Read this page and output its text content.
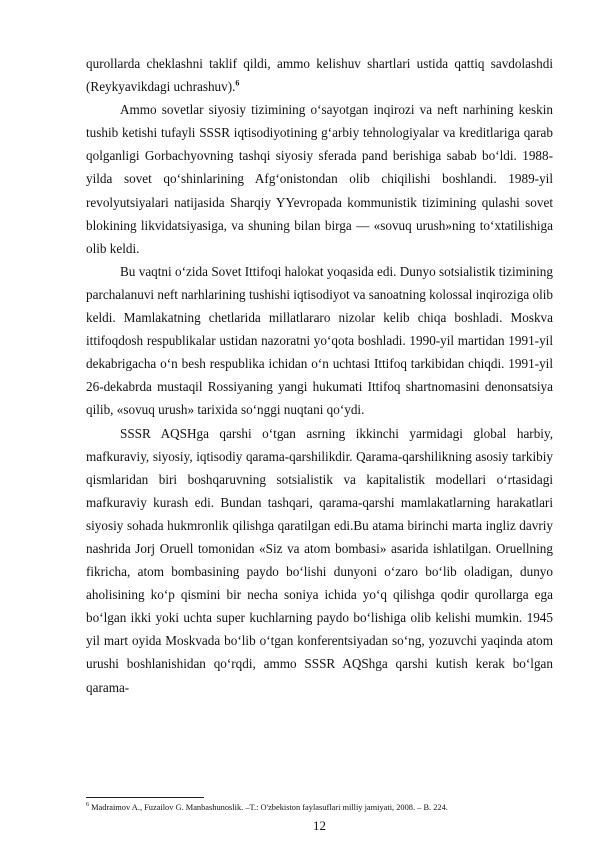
qurollarda cheklashni taklif qildi, ammo kelishuv shartlari ustida qattiq savdolashdi (Reykyavikdagi uchrashuv).$^6$

Ammo sovetlar siyosiy tizimining oʻsayotgan inqirozi va neft narhining keskin tushib ketishi tufayli SSSR iqtisodiyotining gʻarbiy tehnologiyalar va kreditlariga qarab qolganligi Gorbachyovning tashqi siyosiy sferada pand berishiga sabab boʻldi. 1988-yilda sovet qoʻshinlarining Afgʻonistondan olib chiqilishi boshlandi. 1989-yil revolyutsiyalari natijasida Sharqiy YYevropada kommunistik tizimining qulashi sovet blokining likvidatsiyasiga, va shuning bilan birga — «sovuq urush»ning toʻxtatilishiga olib keldi.

Bu vaqtni oʻzida Sovet Ittifoqi halokat yoqasida edi. Dunyo sotsialistik tizimining parchalanuvi neft narhlarining tushishi iqtisodiyot va sanoatning kolossal inqiroziga olib keldi. Mamlakatning chetlarida millatlararo nizolar kelib chiqa boshladi. Moskva ittifoqdosh respublikalar ustidan nazoratni yoʻqota boshladi. 1990-yil martidan 1991-yil dekabrigacha oʻn besh respublika ichidan oʻn uchtasi Ittifoq tarkibidan chiqdi. 1991-yil 26-dekabrda mustaqil Rossiyaning yangi hukumati Ittifoq shartnomasini denonsatsiya qilib, «sovuq urush» tarixida soʻnggi nuqtani qoʻydi.

SSSR AQSHga qarshi oʻtgan asrning ikkinchi yarmidagi global harbiy, mafkuraviy, siyosiy, iqtisodiy qarama-qarshilikdir. Qarama-qarshilikning asosiy tarkibiy qismlaridan biri boshqaruvning sotsialistik va kapitalistik modellari oʻrtasidagi mafkuraviy kurash edi. Bundan tashqari, qarama-qarshi mamlakatlarning harakatlari siyosiy sohada hukmronlik qilishga qaratilgan edi.Bu atama birinchi marta ingliz davriy nashrida Jorj Oruell tomonidan «Siz va atom bombasi» asarida ishlatilgan. Oruellning fikricha, atom bombasining paydo boʻlishi dunyoni oʻzaro boʻlib oladigan, dunyo aholisining koʻp qismini bir necha soniya ichida yoʻq qilishga qodir qurollarga ega boʻlgan ikki yoki uchta super kuchlarning paydo boʻlishiga olib kelishi mumkin. 1945 yil mart oyida Moskvada boʻlib oʻtgan konferentsiyadan soʻng, yozuvchi yaqinda atom urushi boshlanishidan qoʻrqdi, ammo SSSR AQShga qarshi kutish kerak boʻlgan qarama-

$^6$ Madraimov A., Fuzailov G. Manbashunoslik. –T.: O'zbekiston faylasuflari milliy jamiyati, 2008. – B. 224.
12
